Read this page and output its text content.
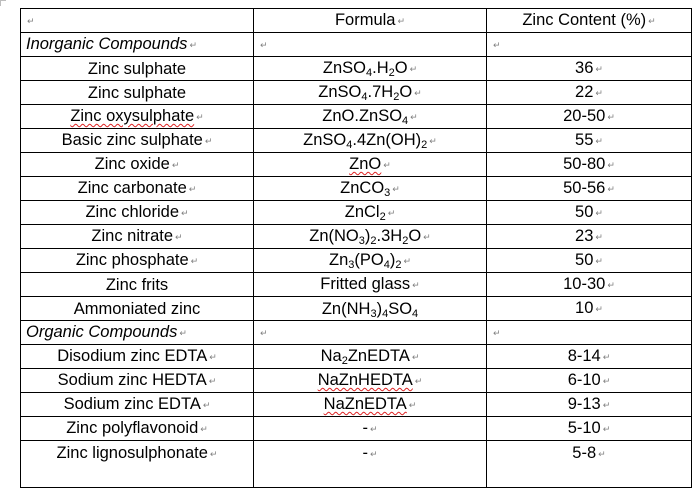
↵	Formula ↵	Zinc Content (%) ↵
Inorganic Compounds ↵	↵	↵
Zinc sulphate	$ZnSO_4.H_2O$ ↵	36 ↵
Zinc sulphate	$ZnSO_4.7H_2O$ ↵	22 ↵
Zinc oxysulphate ↵	ZnO.ZnSO$_4$ ↵	20-50 ↵
Basic zinc sulphate ↵	$ZnSO_4.4Zn(OH)_2$ ↵	55 ↵
Zinc oxide ↵	ZnO ↵	50-80 ↵
Zinc carbonate ↵	ZnCO$_3$ ↵	50-56 ↵
Zinc chloride ↵	ZnCl$_2$ ↵	50 ↵
Zinc nitrate ↵	$Zn(NO_3)_2.3H_2O$ ↵	23 ↵
Zinc phosphate ↵	$Zn_3(PO_4)_2$ ↵	50 ↵
Zinc frits	Fritted glass ↵	10-30 ↵
Ammoniated zinc	$Zn(NH_3)_4SO_4$	10 ↵
Organic Compounds ↵	↵	↵
Disodium zinc EDTA ↵	$Na_2ZnEDTA$ ↵	8-14 ↵
Sodium zinc HEDTA ↵	NaZnHEDTA ↵	6-10 ↵
Sodium zinc EDTA ↵	NaZnEDTA ↵	9-13 ↵
Zinc polyflavonoid ↵	- ↵	5-10 ↵
Zinc lignosulphonate ↵	- ↵	5-8 ↵
